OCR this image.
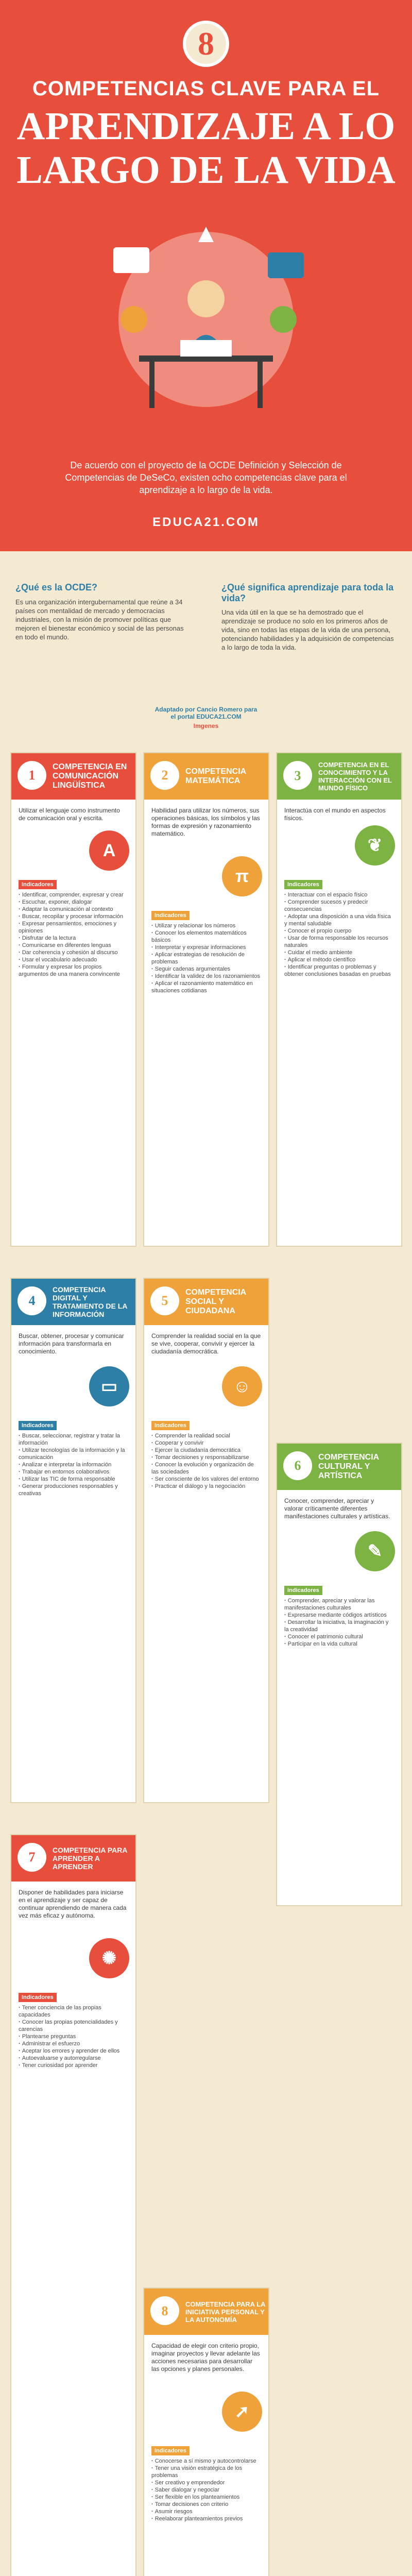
8
COMPETENCIAS CLAVE PARA EL
APRENDIZAJE A LO
LARGO DE LA VIDA
De acuerdo con el proyecto de la OCDE Definición y Selección de Competencias de DeSeCo, existen ocho competencias clave para el aprendizaje a lo largo de la vida.
EDUCA21.COM
¿Qué es la OCDE?
Es una organización intergubernamental que reúne a 34 países con mentalidad de mercado y democracias industriales, con la misión de promover políticas que mejoren el bienestar económico y social de las personas en todo el mundo.
¿Qué significa aprendizaje para toda la vida?
Una vida útil en la que se ha demostrado que el aprendizaje se produce no solo en los primeros años de vida, sino en todas las etapas de la vida de una persona, potenciando habilidades y la adquisición de competencias a lo largo de toda la vida.
Adaptado por Cancio Romero para el portal EDUCA21.COM
Imgenes
1
COMPETENCIA EN COMUNICACIÓN LINGÜÍSTICA
Utilizar el lenguaje como instrumento de comunicación oral y escrita.
A
Indicadores
· Identificar, comprender, expresar y crear
· Escuchar, exponer, dialogar
· Adaptar la comunicación al contexto
· Buscar, recopilar y procesar información
· Expresar pensamientos, emociones y opiniones
· Disfrutar de la lectura
· Comunicarse en diferentes lenguas
· Dar coherencia y cohesión al discurso
· Usar el vocabulario adecuado
· Formular y expresar los propios argumentos de una manera convincente
2	COMPETENCIA MATEMÁTICA
Habilidad para utilizar los números, sus operaciones básicas, los símbolos y las formas de expresión y razonamiento matemático.
π
Indicadores
· Utilizar y relacionar los números
· Conocer los elementos matemáticos básicos
· Interpretar y expresar informaciones
· Aplicar estrategias de resolución de problemas
· Seguir cadenas argumentales
· Identificar la validez de los razonamientos
· Aplicar el razonamiento matemático en situaciones cotidianas
3
COMPETENCIA EN EL CONOCIMIENTO Y LA INTERACCIÓN CON EL MUNDO FÍSICO
Interactúa con el mundo en aspectos físicos.
❦
Indicadores
· Interactuar con el espacio físico
· Comprender sucesos y predecir consecuencias
· Adoptar una disposición a una vida física y mental saludable
· Conocer el propio cuerpo
· Usar de forma responsable los recursos naturales
· Cuidar el medio ambiente
· Aplicar el método científico
· Identificar preguntas o problemas y obtener conclusiones basadas en pruebas
4
COMPETENCIA DIGITAL Y TRATAMIENTO DE LA INFORMACIÓN
Buscar, obtener, procesar y comunicar información para transformarla en conocimiento.
▭
Indicadores
· Buscar, seleccionar, registrar y tratar la información
· Utilizar tecnologías de la información y la comunicación
· Analizar e interpretar la información
· Trabajar en entornos colaborativos
· Utilizar las TIC de forma responsable
· Generar producciones responsables y creativas
5
COMPETENCIA SOCIAL Y CIUDADANA
Comprender la realidad social en la que se vive, cooperar, convivir y ejercer la ciudadanía democrática.
☺
Indicadores
· Comprender la realidad social
· Cooperar y convivir
· Ejercer la ciudadanía democrática
· Tomar decisiones y responsabilizarse
· Conocer la evolución y organización de las sociedades
· Ser consciente de los valores del entorno
· Practicar el diálogo y la negociación
6
COMPETENCIA CULTURAL Y ARTÍSTICA
Conocer, comprender, apreciar y valorar críticamente diferentes manifestaciones culturales y artísticas.
✎
Indicadores
· Comprender, apreciar y valorar las manifestaciones culturales
· Expresarse mediante códigos artísticos
· Desarrollar la iniciativa, la imaginación y la creatividad
· Conocer el patrimonio cultural
· Participar en la vida cultural
7	COMPETENCIA PARA APRENDER A APRENDER
Disponer de habilidades para iniciarse en el aprendizaje y ser capaz de continuar aprendiendo de manera cada vez más eficaz y autónoma.
✺
Indicadores
· Tener conciencia de las propias capacidades
· Conocer las propias potencialidades y carencias
· Plantearse preguntas
· Administrar el esfuerzo
· Aceptar los errores y aprender de ellos
· Autoevaluarse y autorregularse
· Tener curiosidad por aprender
8	COMPETENCIA PARA LA INICIATIVA PERSONAL Y LA AUTONOMÍA
Capacidad de elegir con criterio propio, imaginar proyectos y llevar adelante las acciones necesarias para desarrollar las opciones y planes personales.
➚
Indicadores
· Conocerse a sí mismo y autocontrolarse
· Tener una visión estratégica de los problemas
· Ser creativo y emprendedor
· Saber dialogar y negociar
· Ser flexible en los planteamientos
· Tomar decisiones con criterio
· Asumir riesgos
· Reelaborar planteamientos previos
